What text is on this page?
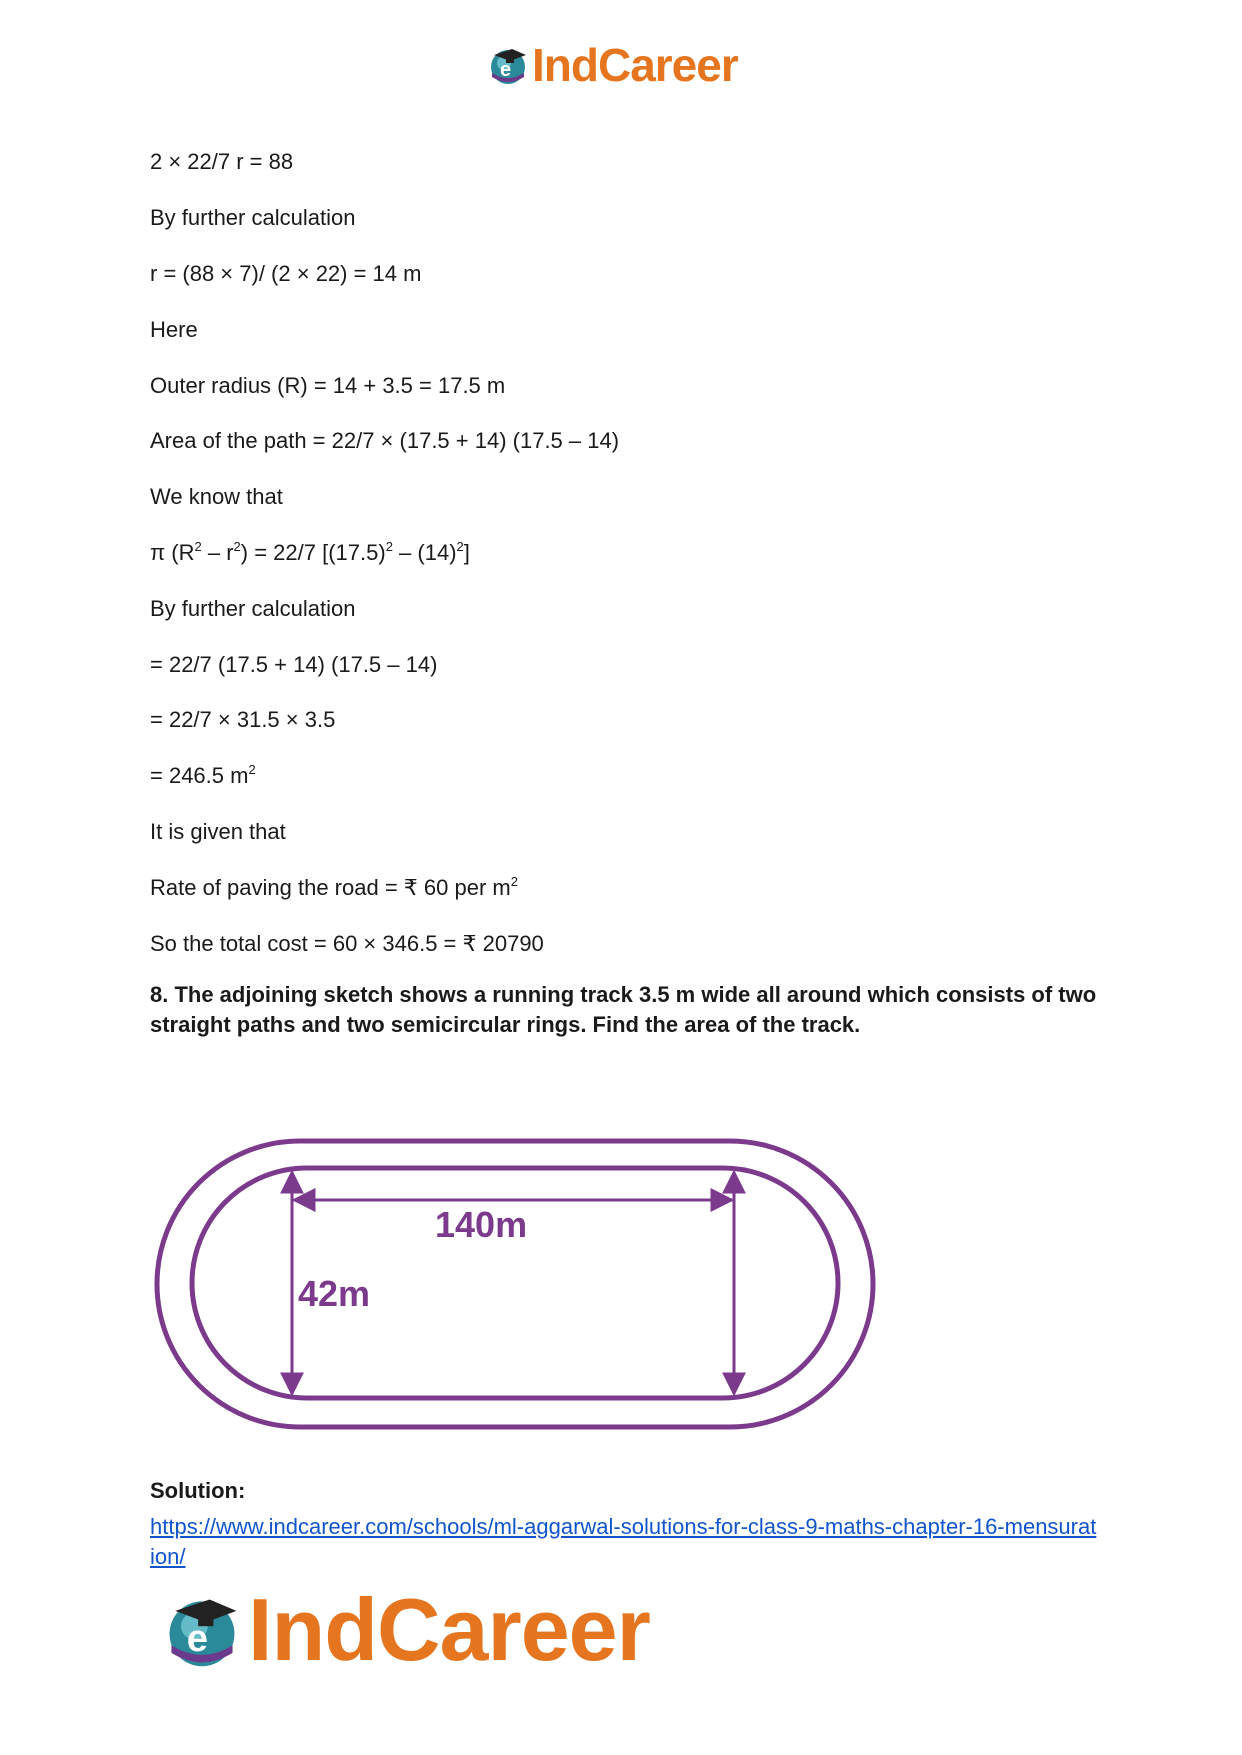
e IndCareer
2 × 22/7 r = 88
By further calculation
r = (88 × 7)/ (2 × 22) = 14 m
Here
Outer radius (R) = 14 + 3.5 = 17.5 m
Area of the path = 22/7 × (17.5 + 14) (17.5 – 14)
We know that
π $(R^2 - r^2) = 22/7$ $[(17.5)^2 - (14)^2]$
By further calculation
= 22/7 (17.5 + 14) (17.5 – 14)
= 22/7 × 31.5 × 3.5
= 246.5 $m^2$
It is given that
Rate of paving the road = ₹ 60 per $m^2$
So the total cost = 60 × 346.5 = ₹ 20790
8. The adjoining sketch shows a running track 3.5 m wide all around which consists of two straight paths and two semicircular rings. Find the area of the track.
140m
42m
Solution:
https://www.indcareer.com/schools/ml-aggarwal-solutions-for-class-9-maths-chapter-16-mensuration/
e IndCareer
